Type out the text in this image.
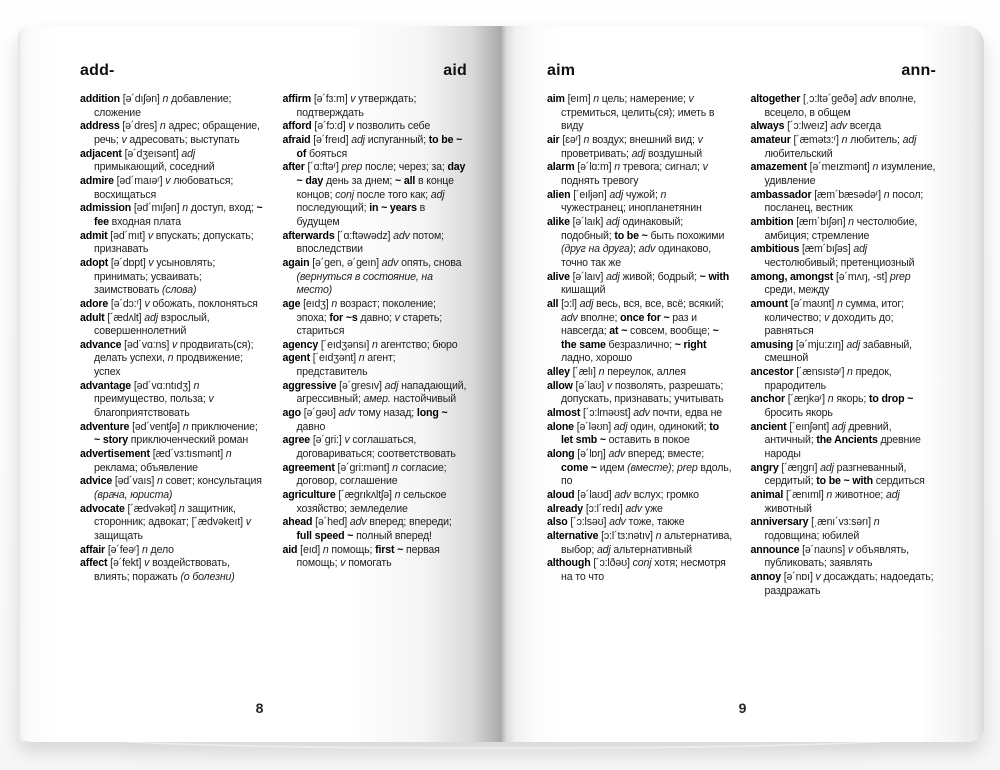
add-	aid
addition [ə´dıʃən] n добавление; сложение
address [ə´dres] n адрес; обращение, речь; v адресовать; выступать
adjacent [ə´dʒeısənt] adj примыкающий, соседний
admire [əd´maıəʳ] v любоваться; восхищаться
admission [əd´mıʃən] n доступ, вход; ~ fee входная плата
admit [əd´mıt] v впускать; допускать; признавать
adopt [ə´dɒpt] v усыновлять; принимать; усваивать; заимствовать (слова)
adore [ə´dɔ:ʳ] v обожать, поклоняться
adult [´ædʌlt] adj взрослый, совершеннолетний
advance [əd´vɑ:ns] v продвигать(ся); делать успехи, n продвижение; успех
advantage [əd´vɑ:ntıdʒ] n преимущество, польза; v благоприятствовать
adventure [əd´ventʃə] n приключение; ~ story приключенческий роман
advertisement [æd´vɜ:tısmənt] n реклама; объявление
advice [əd´vaıs] n совет; консультация (врача, юриста)
advocate [´ædvəkət] n защитник, сторонник; адвокат; [´ædvəkeıt] v защищать
affair [ə´feəʳ] n дело
affect [ə´fekt] v воздействовать, влиять; поражать (о болезни)
affirm [ə´fɜ:m] v утверждать; подтверждать
afford [ə´fɔ:d] v позволить себе
afraid [ə´freıd] adj испуганный; to be ~ of бояться
after [´ɑ:ftəʳ] prep после; через; за; day ~ day день за днем; ~ all в конце концов; conj после того как; adj последующий; in ~ years в будущем
afterwards [´ɑ:ftəwədz] adv потом; впоследствии
again [ə´gen, ə´geın] adv опять, снова (вернуться в состояние, на место)
age [eıdʒ] n возраст; поколение; эпоха; for ~s давно; v стареть; стариться
agency [´eıdʒənsı] n агентство; бюро
agent [´eıdʒənt] n агент; представитель
aggressive [ə´gresıv] adj нападающий, агрессивный; амер. настойчивый
ago [ə´gəʊ] adv тому назад; long ~ давно
agree [ə´gri:] v соглашаться, договариваться; соответствовать
agreement [ə´gri:mənt] n согласие; договор, соглашение
agriculture [´ægrıkʌltʃə] n сельское хозяйство; земледелие
ahead [ə´hed] adv вперед; впереди; full speed ~ полный вперед!
aid [eıd] n помощь; first ~ первая помощь; v помогать
8
aim	ann-
aim [eım] n цель; намерение; v стремиться, целить(ся); иметь в виду
air [ɛəʳ] n воздух; внешний вид; v проветривать; adj воздушный
alarm [ə´lɑ:m] n тревога; сигнал; v поднять тревогу
alien [´eıljən] adj чужой; n чужестранец; инопланетянин
alike [ə´laık] adj одинаковый; подобный; to be ~ быть похожими (друг на друга); adv одинаково, точно так же
alive [ə´laıv] adj живой; бодрый; ~ with кишащий
all [ɔ:l] adj весь, вся, все, всё; всякий; adv вполне; once for ~ раз и навсегда; at ~ совсем, вообще; ~ the same безразлично; ~ right ладно, хорошо
alley [´ælı] n переулок, аллея
allow [ə´laʊ] v позволять, разрешать; допускать, признавать; учитывать
almost [´ɔ:lməʊst] adv почти, едва не
alone [ə´ləʊn] adj один, одинокий; to let smb ~ оставить в покое
along [ə´lɒŋ] adv вперед; вместе; come ~ идем (вместе); prep вдоль, по
aloud [ə´laʊd] adv вслух; громко
already [ɔ:l´redı] adv уже
also [´ɔ:lsəʊ] adv тоже, также
alternative [ɔ:l´tɜ:nətıv] n альтернатива, выбор; adj альтернативный
although [´ɔ:lðəʊ] conj хотя; несмотря на то что
altogether [ˌɔ:ltə´geðə] adv вполне, всецело, в общем
always [´ɔ:lweız] adv всегда
amateur [´æmətɜ:ʳ] n любитель; adj любительский
amazement [ə´meızmənt] n изумление, удивление
ambassador [æm´bæsədəʳ] n посол; посланец, вестник
ambition [æm´bıʃən] n честолюбие, амбиция; стремление
ambitious [æm´bıʃəs] adj честолюбивый; претенциозный
among, amongst [ə´mʌŋ, -st] prep среди, между
amount [ə´maʊnt] n сумма, итог; количество; v доходить до; равняться
amusing [ə´mju:zıŋ] adj забавный, смешной
ancestor [´ænsıstəʳ] n предок, прародитель
anchor [´æŋkəʳ] n якорь; to drop ~ бросить якорь
ancient [´eınʃənt] adj древний, античный; the Ancients древние народы
angry [´æŋgrı] adj разгневанный, сердитый; to be ~ with сердиться
animal [´ænıml] n животное; adj животный
anniversary [ˌænı´vɜ:sərı] n годовщина; юбилей
announce [ə´naʊns] v объявлять, публиковать; заявлять
annoy [ə´nɒı] v досаждать; надоедать; раздражать
9
